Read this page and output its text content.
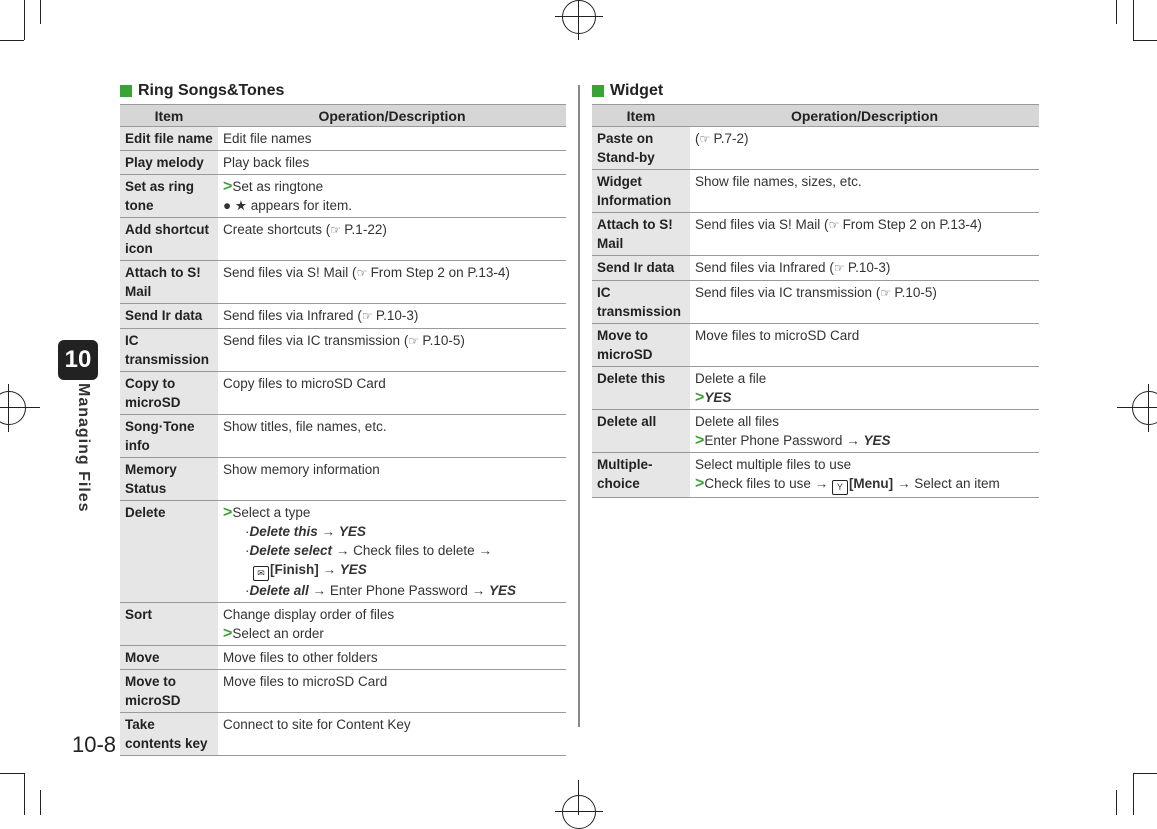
10
Managing Files
10-8
Ring Songs&Tones
Item	Operation/Description
Edit file name	Edit file names
Play melody	Play back files
Set as ring tone	>Set as ringtone
● ★ appears for item.

Add shortcut icon	Create shortcuts (☞ P.1-22)
Attach to S! Mail	Send files via S! Mail (☞ From Step 2 on P.13-4)
Send Ir data	Send files via Infrared (☞ P.10-3)
IC transmission	Send files via IC transmission (☞ P.10-5)
Copy to microSD	Copy files to microSD Card
Song·Tone info	Show titles, file names, etc.
Memory Status	Show memory information
Delete	>Select a type
·Delete this → YES
·Delete select → Check files to delete →
✉ [Finish] → YES
·Delete all → Enter Phone Password → YES

Sort	Change display order of files
>Select an order

Move	Move files to other folders
Move to microSD	Move files to microSD Card
Take contents key	Connect to site for Content Key
Widget
Item	Operation/Description
Paste on Stand-by	(☞ P.7-2)
Widget Information	Show file names, sizes, etc.
Attach to S! Mail	Send files via S! Mail (☞ From Step 2 on P.13-4)
Send Ir data	Send files via Infrared (☞ P.10-3)
IC transmission	Send files via IC transmission (☞ P.10-5)
Move to microSD	Move files to microSD Card
Delete this	Delete a file
>YES

Delete all	Delete all files
>Enter Phone Password → YES

Multiple-choice	Select multiple files to use
>Check files to use → Y [Menu] → Select an item
